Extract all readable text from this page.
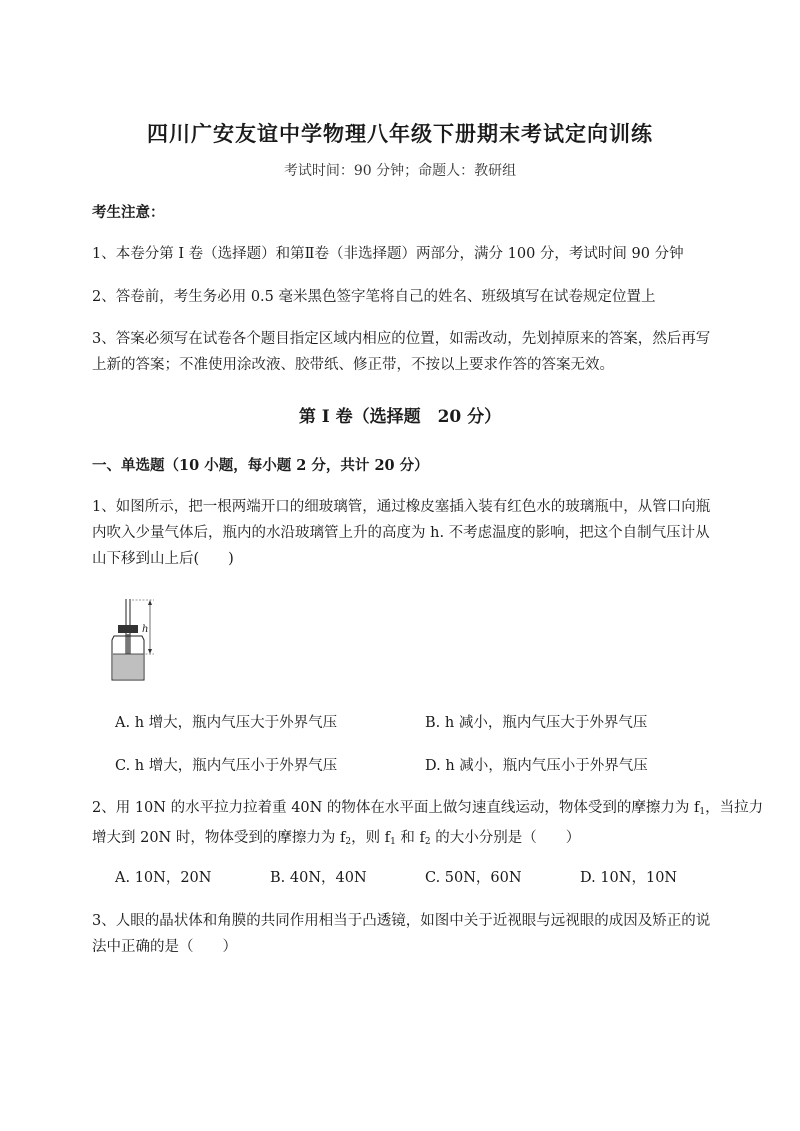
四川广安友谊中学物理八年级下册期末考试定向训练
考试时间：90 分钟；命题人：教研组
考生注意：
1、本卷分第 I 卷（选择题）和第Ⅱ卷（非选择题）两部分，满分 100 分，考试时间 90 分钟
2、答卷前，考生务必用 0.5 毫米黑色签字笔将自己的姓名、班级填写在试卷规定位置上
3、答案必须写在试卷各个题目指定区域内相应的位置，如需改动，先划掉原来的答案，然后再写上新的答案；不准使用涂改液、胶带纸、修正带，不按以上要求作答的答案无效。
第 I 卷（选择题　20 分）
一、单选题（10 小题，每小题 2 分，共计 20 分）
1、如图所示，把一根两端开口的细玻璃管，通过橡皮塞插入装有红色水的玻璃瓶中，从管口向瓶内吹入少量气体后，瓶内的水沿玻璃管上升的高度为 h. 不考虑温度的影响，把这个自制气压计从山下移到山上后(　　)
h
A. h 增大，瓶内气压大于外界气压	B. h 减小，瓶内气压大于外界气压
C. h 增大，瓶内气压小于外界气压	D. h 减小，瓶内气压小于外界气压
2、用 10N 的水平拉力拉着重 40N 的物体在水平面上做匀速直线运动，物体受到的摩擦力为 $f_1$，当拉力
增大到 20N 时，物体受到的摩擦力为 $f_2$，则 $f_1$ 和 $f_2$ 的大小分别是（　　）
A. 10N，20N	B. 40N，40N	C. 50N，60N	D. 10N，10N
3、人眼的晶状体和角膜的共同作用相当于凸透镜，如图中关于近视眼与远视眼的成因及矫正的说法中正确的是（　　）
